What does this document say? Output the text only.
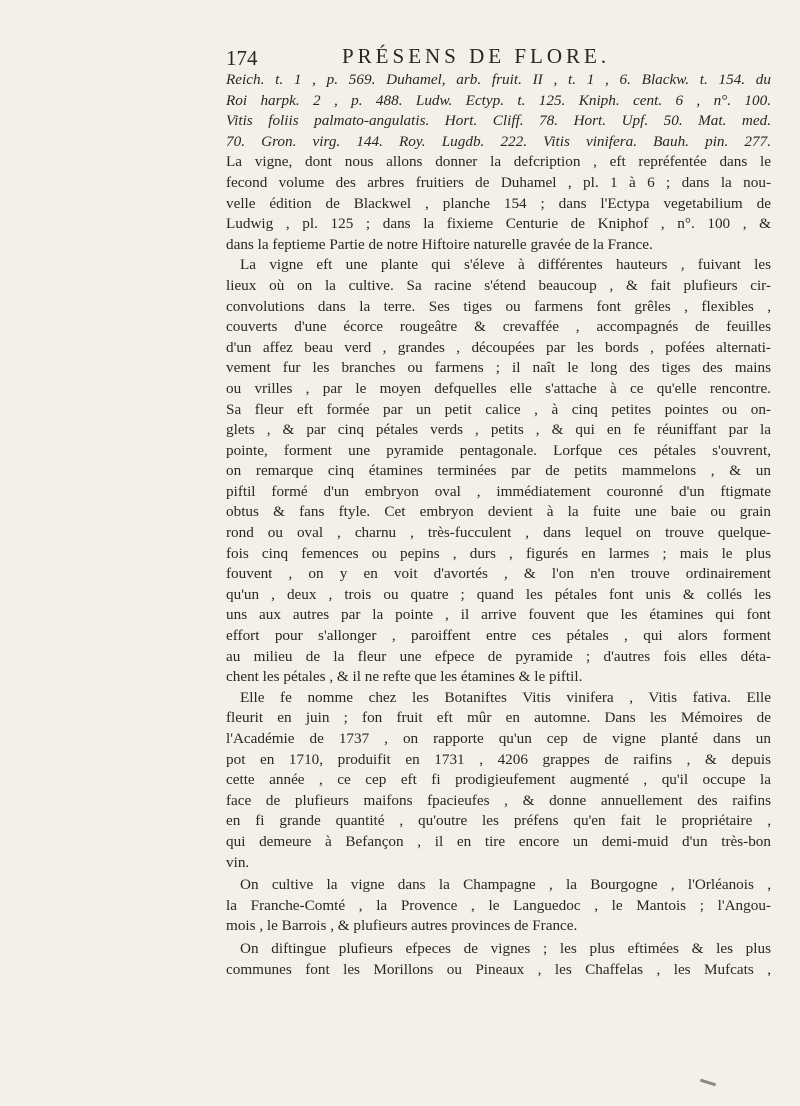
174	PRÉSENS DE FLORE.
Reich. t. 1 , p. 569. Duhamel, arb. fruit. II , t. 1 , 6. Blackw. t. 154. du
Roi harpk. 2 , p. 488. Ludw. Ectyp. t. 125. Kniph. cent. 6 , n°. 100.
Vitis foliis palmato-angulatis. Hort. Cliff. 78. Hort. Upf. 50. Mat. med.
70. Gron. virg. 144. Roy. Lugdb. 222. Vitis vinifera. Bauh. pin. 277.
La vigne, dont nous allons donner la defcription , eft repréfentée dans le
fecond volume des arbres fruitiers de Duhamel , pl. 1 à 6 ; dans la nou-
velle édition de Blackwel , planche 154 ; dans l'Ectypa vegetabilium de
Ludwig , pl. 125 ; dans la fixieme Centurie de Kniphof , n°. 100 , &
dans la feptieme Partie de notre Hiftoire naturelle gravée de la France.
La vigne eft une plante qui s'éleve à différentes hauteurs , fuivant les
lieux où on la cultive. Sa racine s'étend beaucoup , & fait plufieurs cir-
convolutions dans la terre. Ses tiges ou farmens font grêles , flexibles ,
couverts d'une écorce rougeâtre & crevaffée , accompagnés de feuilles
d'un affez beau verd , grandes , découpées par les bords , pofées alternati-
vement fur les branches ou farmens ; il naît le long des tiges des mains
ou vrilles , par le moyen defquelles elle s'attache à ce qu'elle rencontre.
Sa fleur eft formée par un petit calice , à cinq petites pointes ou on-
glets , & par cinq pétales verds , petits , & qui en fe réuniffant par la
pointe, forment une pyramide pentagonale. Lorfque ces pétales s'ouvrent,
on remarque cinq étamines terminées par de petits mammelons , & un
piftil formé d'un embryon oval , immédiatement couronné d'un ftigmate
obtus & fans ftyle. Cet embryon devient à la fuite une baie ou grain
rond ou oval , charnu , très-fucculent , dans lequel on trouve quelque-
fois cinq femences ou pepins , durs , figurés en larmes ; mais le plus
fouvent , on y en voit d'avortés , & l'on n'en trouve ordinairement
qu'un , deux , trois ou quatre ; quand les pétales font unis & collés les
uns aux autres par la pointe , il arrive fouvent que les étamines qui font
effort pour s'allonger , paroiffent entre ces pétales , qui alors forment
au milieu de la fleur une efpece de pyramide ; d'autres fois elles déta-
chent les pétales , & il ne refte que les étamines & le piftil.
Elle fe nomme chez les Botaniftes Vitis vinifera , Vitis fativa. Elle
fleurit en juin ; fon fruit eft mûr en automne. Dans les Mémoires de
l'Académie de 1737 , on rapporte qu'un cep de vigne planté dans un
pot en 1710, produifit en 1731 , 4206 grappes de raifins , & depuis
cette année , ce cep eft fi prodigieufement augmenté , qu'il occupe la
face de plufieurs maifons fpacieufes , & donne annuellement des raifins
en fi grande quantité , qu'outre les préfens qu'en fait le propriétaire ,
qui demeure à Befançon , il en tire encore un demi-muid d'un très-bon
vin.
On cultive la vigne dans la Champagne , la Bourgogne , l'Orléanois ,
la Franche-Comté , la Provence , le Languedoc , le Mantois ; l'Angou-
mois , le Barrois , & plufieurs autres provinces de France.
On diftingue plufieurs efpeces de vignes ; les plus eftimées & les plus
communes font les Morillons ou Pineaux , les Chaffelas , les Mufcats ,
